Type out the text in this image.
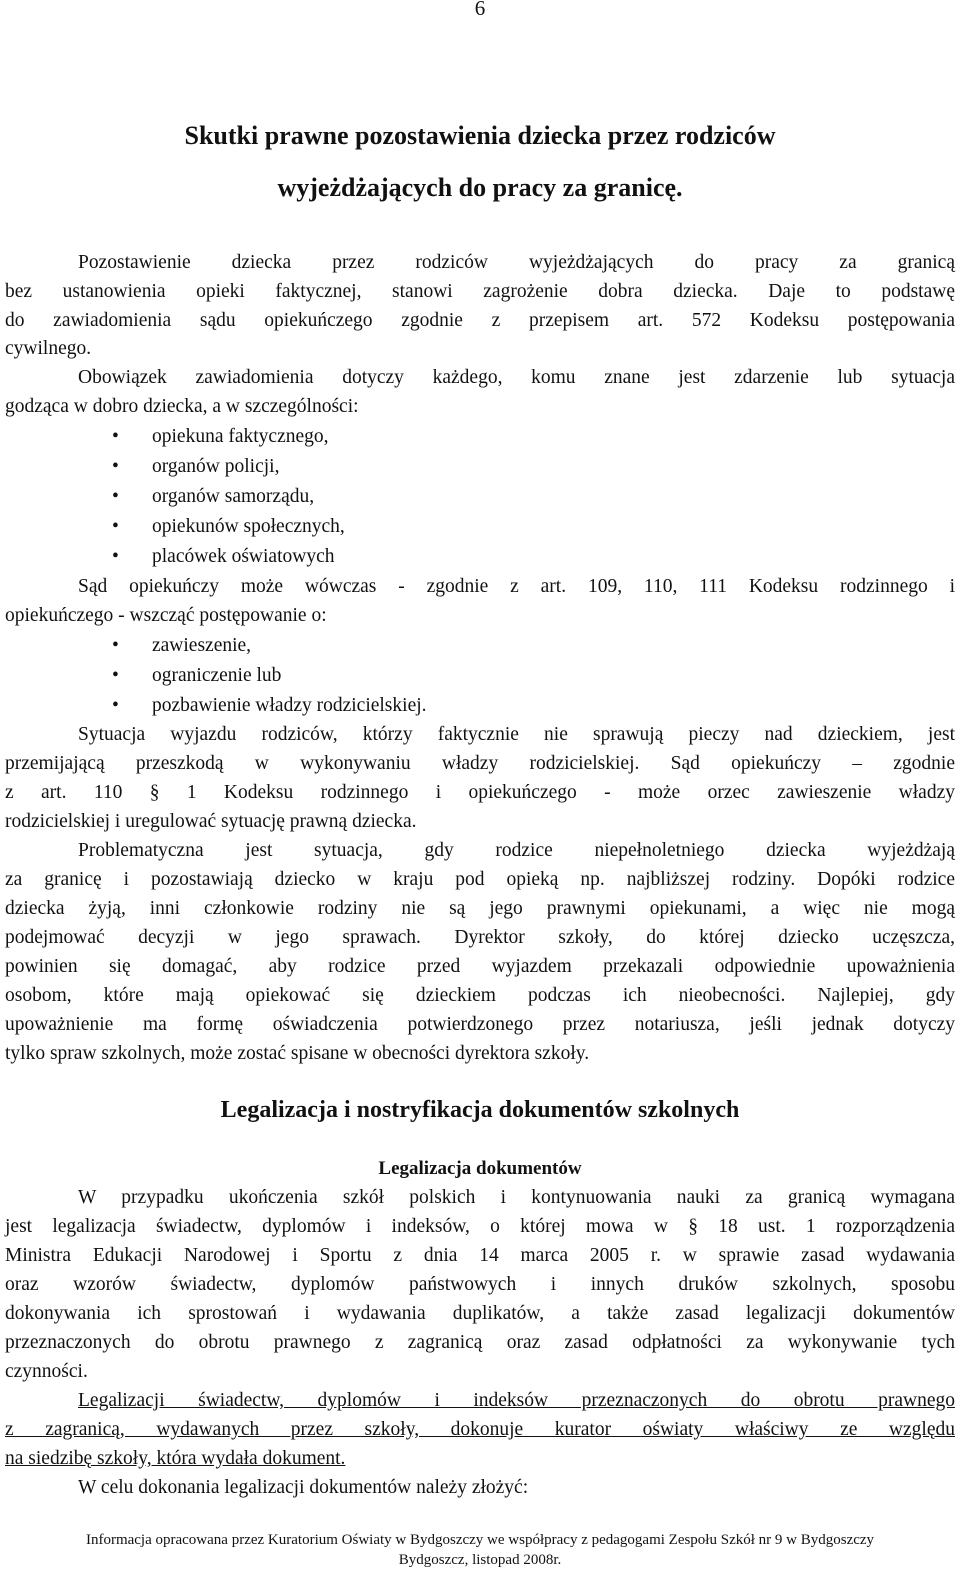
6
Skutki prawne pozostawienia dziecka przez rodziców
wyjeżdżających do pracy za granicę.
Pozostawienie dziecka przez rodziców wyjeżdżających do pracy za granicą
bez ustanowienia opieki faktycznej, stanowi zagrożenie dobra dziecka. Daje to podstawę
do zawiadomienia sądu opiekuńczego zgodnie z przepisem art. 572 Kodeksu postępowania
cywilnego.
Obowiązek zawiadomienia dotyczy każdego, komu znane jest zdarzenie lub sytuacja
godząca w dobro dziecka, a w szczególności:
• opiekuna faktycznego,
• organów policji,
• organów samorządu,
• opiekunów społecznych,
• placówek oświatowych
Sąd opiekuńczy może wówczas - zgodnie z art. 109, 110, 111 Kodeksu rodzinnego i
opiekuńczego - wszcząć postępowanie o:
• zawieszenie,
• ograniczenie lub
• pozbawienie władzy rodzicielskiej.
Sytuacja wyjazdu rodziców, którzy faktycznie nie sprawują pieczy nad dzieckiem, jest
przemijającą przeszkodą w wykonywaniu władzy rodzicielskiej. Sąd opiekuńczy – zgodnie
z art. 110 § 1 Kodeksu rodzinnego i opiekuńczego - może orzec zawieszenie władzy
rodzicielskiej i uregulować sytuację prawną dziecka.
Problematyczna jest sytuacja, gdy rodzice niepełnoletniego dziecka wyjeżdżają
za granicę i pozostawiają dziecko w kraju pod opieką np. najbliższej rodziny. Dopóki rodzice
dziecka żyją, inni członkowie rodziny nie są jego prawnymi opiekunami, a więc nie mogą
podejmować decyzji w jego sprawach. Dyrektor szkoły, do której dziecko uczęszcza,
powinien się domagać, aby rodzice przed wyjazdem przekazali odpowiednie upoważnienia
osobom, które mają opiekować się dzieckiem podczas ich nieobecności. Najlepiej, gdy
upoważnienie ma formę oświadczenia potwierdzonego przez notariusza, jeśli jednak dotyczy
tylko spraw szkolnych, może zostać spisane w obecności dyrektora szkoły.
Legalizacja i nostryfikacja dokumentów szkolnych
Legalizacja dokumentów
W przypadku ukończenia szkół polskich i kontynuowania nauki za granicą wymagana
jest legalizacja świadectw, dyplomów i indeksów, o której mowa w § 18 ust. 1 rozporządzenia
Ministra Edukacji Narodowej i Sportu z dnia 14 marca 2005 r. w sprawie zasad wydawania
oraz wzorów świadectw, dyplomów państwowych i innych druków szkolnych, sposobu
dokonywania ich sprostowań i wydawania duplikatów, a także zasad legalizacji dokumentów
przeznaczonych do obrotu prawnego z zagranicą oraz zasad odpłatności za wykonywanie tych
czynności.
Legalizacji świadectw, dyplomów i indeksów przeznaczonych do obrotu prawnego
z zagranicą, wydawanych przez szkoły, dokonuje kurator oświaty właściwy ze względu
na siedzibę szkoły, która wydała dokument.
W celu dokonania legalizacji dokumentów należy złożyć:
Informacja opracowana przez Kuratorium Oświaty w Bydgoszczy we współpracy z pedagogami Zespołu Szkół nr 9 w Bydgoszczy
Bydgoszcz, listopad 2008r.
